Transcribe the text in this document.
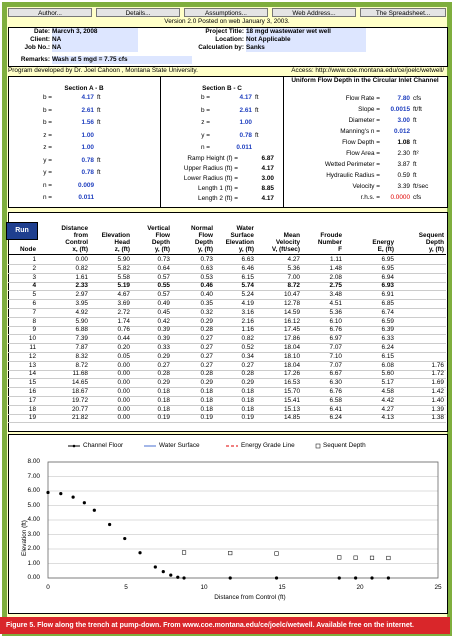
Author...	Details...	Assumptions...	Web Address...	The Spreadsheet...
Version 2.0 Posted on web January 3, 2003.
Date: Marcvh 3, 2008
Client: NA
Job No.: NA
Remarks: Wash at 5 mgd = 7.75 cfs
Project Title: 18 mgd wastewater wet well
Location: Not Applicable
Calculation by: Sanks
Program developed by Dr. Joel Cahoon , Montana State University.	Access: http://www.coe.montana.edu/ce/joelc/wetwell/
Section A - B	Section B - C
Uniform Flow Depth in the Circular Inlet Channel
Run
Elevation (ft)
Distance from Control (ft)
Figure 5. Flow along the trench at pump-down. From www.coe.montana.edu/ce/joelc/wetwell. Available free on the internet.
b =	4.17 ft
b =	2.61 ft
b =	1.56 ft
z =	1.00
z =	1.00
y =	0.78 ft
y =	0.78 ft
n =	0.009
n =	0.011
b =	4.17 ft
b =	2.61 ft
z =	1.00
y =	0.78 ft
n =	0.011
Ramp Height (f) =	6.87
Upper Radius (ft) =	4.17
Lower Radius (ft) =	3.00
Length 1 (ft) =	8.85
Length 2 (ft) =	4.17
Flow Rate =	7.80 cfs
Slope =	0.0015 ft/ft
Diameter =	3.00 ft
Manning's n =	0.012
Flow Depth =	1.08 ft
Flow Area =	2.30 ft²
Wetted Perimeter =	3.87 ft
Hydraulic Radius =	0.59 ft
Velocity =	3.39 ft/sec
r.h.s. =	0.0000 cfs
Node
Distance
from
Control
x, (ft)
Elevation
Head
z, (ft)
Vertical
Flow
Depth
y, (ft)
Normal
Flow
Depth
y, (ft)
Water
Surface
Elevation
y, (ft)
Mean
Velocity
V, (ft/sec)
Froude
Number
F
Energy
E, (ft)
Sequent
Depth
y, (ft)
1	0.00	5.90	0.73	0.73	6.63	4.27	1.11	6.95
2	0.82	5.82	0.64	0.63	6.46	5.36	1.48	6.95
3	1.61	5.58	0.57	0.53	6.15	7.00	2.08	6.94
4	2.33	5.19	0.55	0.46	5.74	8.72	2.75	6.93
5	2.97	4.67	0.57	0.40	5.24	10.47	3.48	6.91
6	3.95	3.69	0.49	0.35	4.19	12.78	4.51	6.85
7	4.92	2.72	0.45	0.32	3.16	14.59	5.36	6.74
8	5.90	1.74	0.42	0.29	2.16	16.12	6.10	6.59
9	6.88	0.76	0.39	0.28	1.16	17.45	6.76	6.39
10	7.39	0.44	0.39	0.27	0.82	17.86	6.97	6.33
11	7.87	0.20	0.33	0.27	0.52	18.04	7.07	6.24
12	8.32	0.05	0.29	0.27	0.34	18.10	7.10	6.15
13	8.72	0.00	0.27	0.27	0.27	18.04	7.07	6.08	1.76
14	11.68	0.00	0.28	0.28	0.28	17.26	6.67	5.60	1.72
15	14.65	0.00	0.29	0.29	0.29	16.53	6.30	5.17	1.69
16	18.67	0.00	0.18	0.18	0.18	15.70	6.76	4.58	1.42
17	19.72	0.00	0.18	0.18	0.18	15.41	6.58	4.42	1.40
18	20.77	0.00	0.18	0.18	0.18	15.13	6.41	4.27	1.39
19	21.82	0.00	0.19	0.19	0.19	14.85	6.24	4.13	1.38
0.00
1.00
2.00
3.00
4.00
5.00
6.00
7.00
8.00
0	5	10	15	20	25
Channel Floor	Water Surface	Energy Grade Line	Sequent Depth
